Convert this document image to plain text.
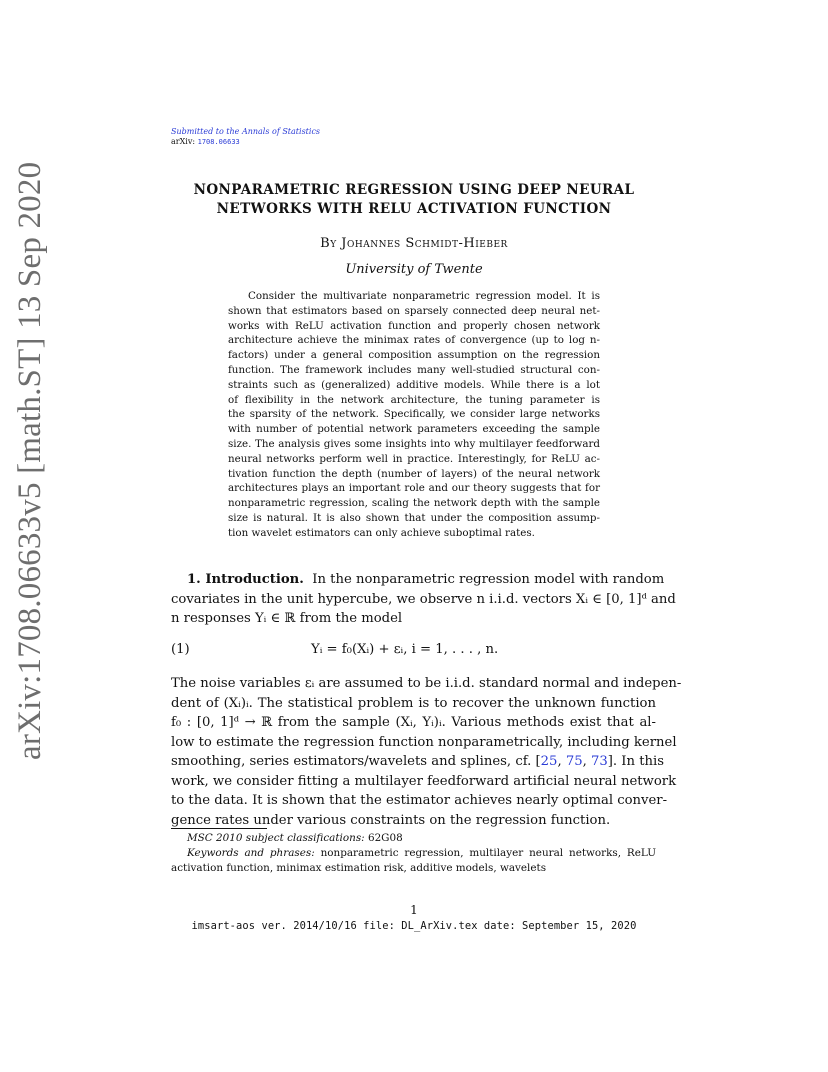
Submitted to the Annals of Statistics
arXiv: 1708.06633
arXiv:1708.06633v5 [math.ST] 13 Sep 2020	NONPARAMETRIC REGRESSION USING DEEP NEURAL
NETWORKS WITH RELU ACTIVATION FUNCTION
By Johannes Schmidt-Hieber
University of Twente
Consider the multivariate nonparametric regression model. It is
shown that estimators based on sparsely connected deep neural net-
works with ReLU activation function and properly chosen network
architecture achieve the minimax rates of convergence (up to log n-
factors) under a general composition assumption on the regression
function. The framework includes many well-studied structural con-
straints such as (generalized) additive models. While there is a lot
of flexibility in the network architecture, the tuning parameter is
the sparsity of the network. Specifically, we consider large networks
with number of potential network parameters exceeding the sample
size. The analysis gives some insights into why multilayer feedforward
neural networks perform well in practice. Interestingly, for ReLU ac-
tivation function the depth (number of layers) of the neural network
architectures plays an important role and our theory suggests that for
nonparametric regression, scaling the network depth with the sample
size is natural. It is also shown that under the composition assump-
tion wavelet estimators can only achieve suboptimal rates.
1. Introduction. In the nonparametric regression model with random
covariates in the unit hypercube, we observe n i.i.d. vectors Xᵢ ∈ [0, 1]ᵈ and
n responses Yᵢ ∈ ℝ from the model
(1)	Yᵢ = f₀(Xᵢ) + εᵢ, i = 1, . . . , n.
The noise variables εᵢ are assumed to be i.i.d. standard normal and indepen-
dent of (Xᵢ)ᵢ. The statistical problem is to recover the unknown function
f₀ : [0, 1]ᵈ → ℝ from the sample (Xᵢ, Yᵢ)ᵢ. Various methods exist that al-
low to estimate the regression function nonparametrically, including kernel
smoothing, series estimators/wavelets and splines, cf. [25, 75, 73]. In this
work, we consider fitting a multilayer feedforward artificial neural network
to the data. It is shown that the estimator achieves nearly optimal conver-
gence rates under various constraints on the regression function.
MSC 2010 subject classifications: 62G08
Keywords and phrases: nonparametric regression, multilayer neural networks, ReLU
activation function, minimax estimation risk, additive models, wavelets
1
imsart-aos ver. 2014/10/16 file: DL_ArXiv.tex date: September 15, 2020
